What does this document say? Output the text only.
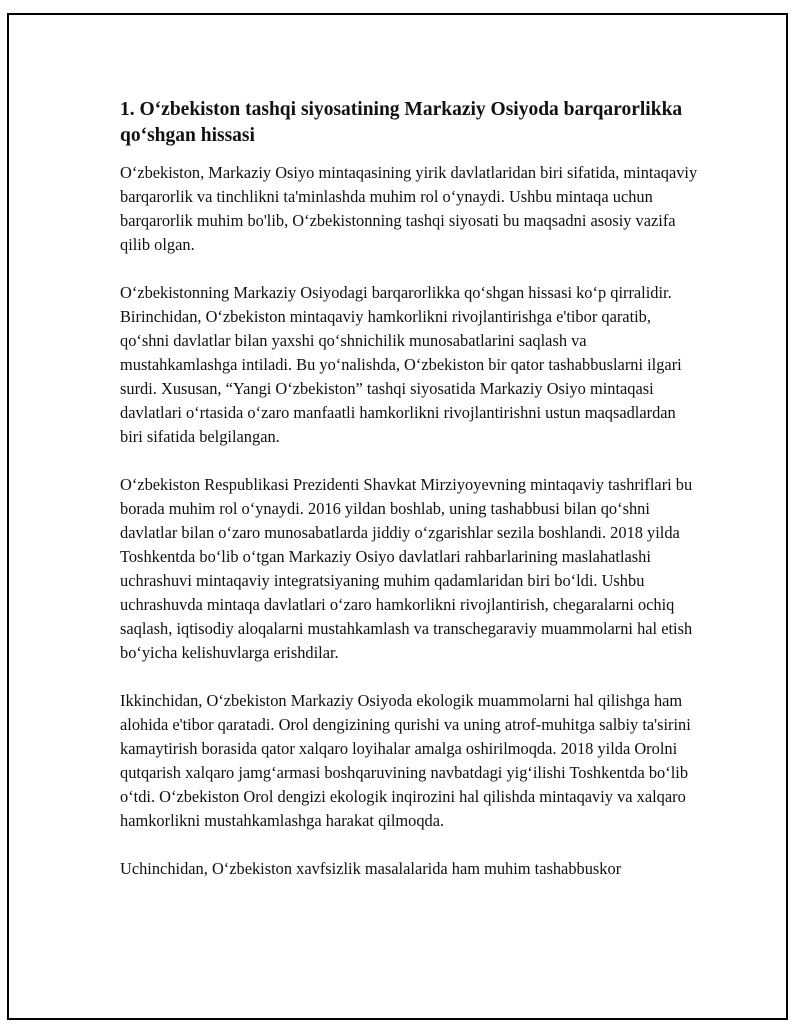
1. O‘zbekiston tashqi siyosatining Markaziy Osiyoda barqarorlikka qo‘shgan hissasi

O‘zbekiston, Markaziy Osiyo mintaqasining yirik davlatlaridan biri sifatida, mintaqaviy barqarorlik va tinchlikni ta'minlashda muhim rol o‘ynaydi. Ushbu mintaqa uchun barqarorlik muhim bo'lib, O‘zbekistonning tashqi siyosati bu maqsadni asosiy vazifa qilib olgan.

O‘zbekistonning Markaziy Osiyodagi barqarorlikka qo‘shgan hissasi ko‘p qirralidir. Birinchidan, O‘zbekiston mintaqaviy hamkorlikni rivojlantirishga e'tibor qaratib, qo‘shni davlatlar bilan yaxshi qo‘shnichilik munosabatlarini saqlash va mustahkamlashga intiladi. Bu yo‘nalishda, O‘zbekiston bir qator tashabbuslarni ilgari surdi. Xususan, “Yangi O‘zbekiston” tashqi siyosatida Markaziy Osiyo mintaqasi davlatlari o‘rtasida o‘zaro manfaatli hamkorlikni rivojlantirishni ustun maqsadlardan biri sifatida belgilangan.

O‘zbekiston Respublikasi Prezidenti Shavkat Mirziyoyevning mintaqaviy tashriflari bu borada muhim rol o‘ynaydi. 2016 yildan boshlab, uning tashabbusi bilan qo‘shni davlatlar bilan o‘zaro munosabatlarda jiddiy o‘zgarishlar sezila boshlandi. 2018 yilda Toshkentda bo‘lib o‘tgan Markaziy Osiyo davlatlari rahbarlarining maslahatlashi uchrashuvi mintaqaviy integratsiyaning muhim qadamlaridan biri bo‘ldi. Ushbu uchrashuvda mintaqa davlatlari o‘zaro hamkorlikni rivojlantirish, chegaralarni ochiq saqlash, iqtisodiy aloqalarni mustahkamlash va transchegaraviy muammolarni hal etish bo‘yicha kelishuvlarga erishdilar.

Ikkinchidan, O‘zbekiston Markaziy Osiyoda ekologik muammolarni hal qilishga ham alohida e'tibor qaratadi. Orol dengizining qurishi va uning atrof-muhitga salbiy ta'sirini kamaytirish borasida qator xalqaro loyihalar amalga oshirilmoqda. 2018 yilda Orolni qutqarish xalqaro jamg‘armasi boshqaruvining navbatdagi yig‘ilishi Toshkentda bo‘lib o‘tdi. O‘zbekiston Orol dengizi ekologik inqirozini hal qilishda mintaqaviy va xalqaro hamkorlikni mustahkamlashga harakat qilmoqda.

Uchinchidan, O‘zbekiston xavfsizlik masalalarida ham muhim tashabbuskor
